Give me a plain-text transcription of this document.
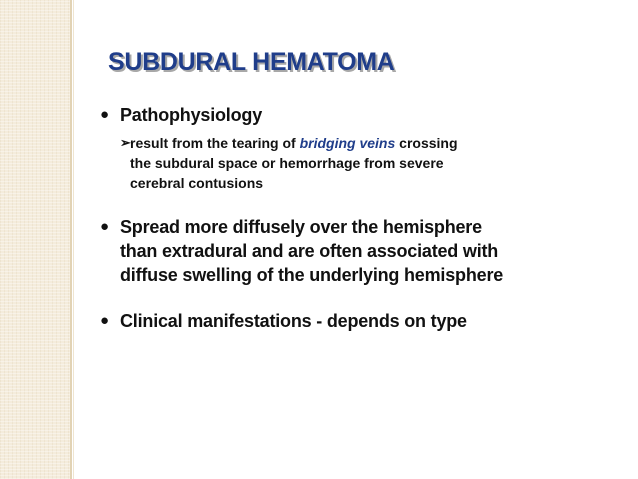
SUBDURAL HEMATOMA
● Pathophysiology
➢ result from the tearing of bridging veins crossing
the subdural space or hemorrhage from severe
cerebral contusions
● Spread more diffusely over the hemisphere
than extradural and are often associated with
diffuse swelling of the underlying hemisphere
● Clinical manifestations - depends on type
